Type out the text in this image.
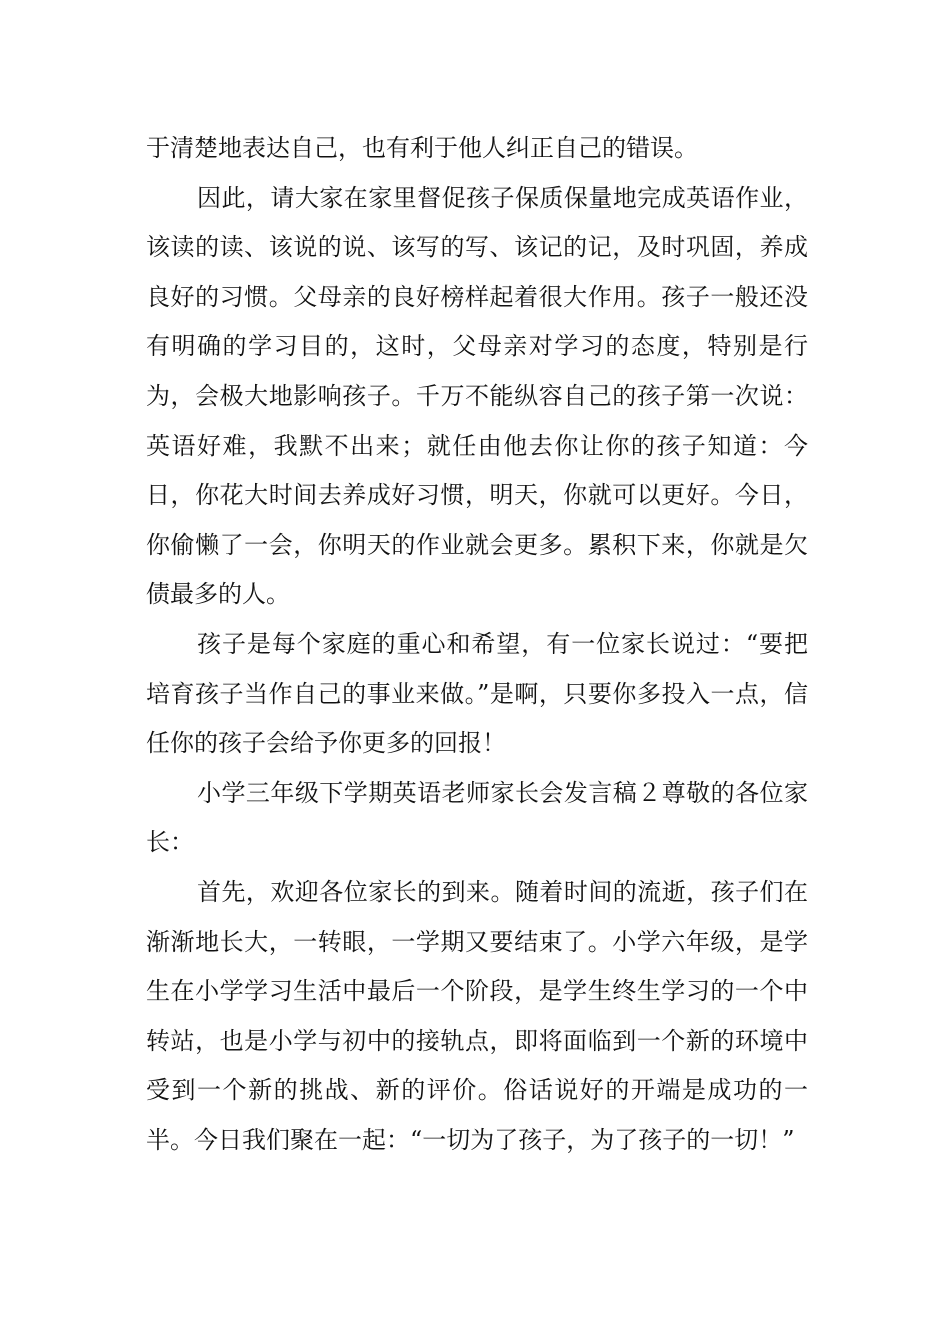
于清楚地表达自己，也有利于他人纠正自己的错误。

因此，请大家在家里督促孩子保质保量地完成英语作业，该读的读、该说的说、该写的写、该记的记，及时巩固，养成良好的习惯。父母亲的良好榜样起着很大作用。孩子一般还没有明确的学习目的，这时，父母亲对学习的态度，特别是行为，会极大地影响孩子。千万不能纵容自己的孩子第一次说：英语好难，我默不出来；就任由他去你让你的孩子知道：今日，你花大时间去养成好习惯，明天，你就可以更好。今日，你偷懒了一会，你明天的作业就会更多。累积下来，你就是欠债最多的人。

孩子是每个家庭的重心和希望，有一位家长说过：“要把培育孩子当作自己的事业来做。”是啊，只要你多投入一点，信任你的孩子会给予你更多的回报！

小学三年级下学期英语老师家长会发言稿２尊敬的各位家长：

首先，欢迎各位家长的到来。随着时间的流逝，孩子们在渐渐地长大，一转眼，一学期又要结束了。小学六年级，是学生在小学学习生活中最后一个阶段，是学生终生学习的一个中转站，也是小学与初中的接轨点，即将面临到一个新的环境中受到一个新的挑战、新的评价。俗话说好的开端是成功的一半。今日我们聚在一起：“一切为了孩子，为了孩子的一切！”
